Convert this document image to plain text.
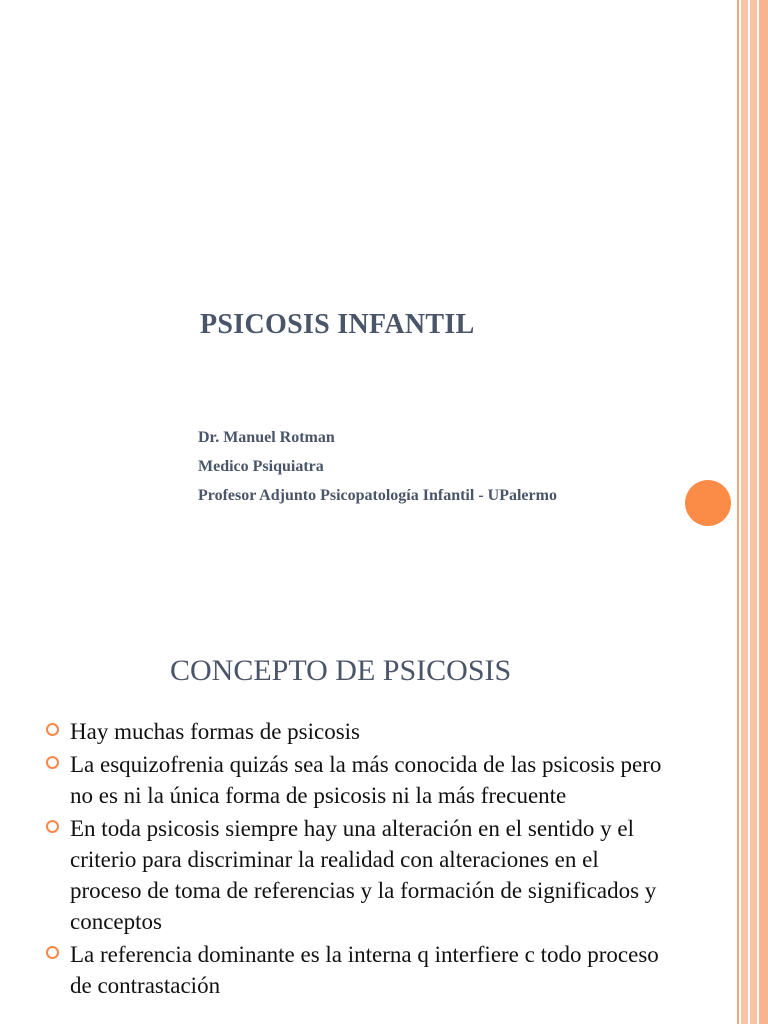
PSICOSIS INFANTIL
Dr. Manuel Rotman
Medico Psiquiatra
Profesor Adjunto Psicopatología Infantil - UPalermo
CONCEPTO DE PSICOSIS
Hay muchas formas de psicosis
La esquizofrenia quizás sea la más conocida de las psicosis pero no es ni la única forma de psicosis ni la más frecuente
En toda psicosis siempre hay una alteración en el sentido y el criterio para discriminar la realidad con alteraciones en el proceso de toma de referencias y la formación de significados y conceptos
La referencia dominante es la interna q interfiere c todo proceso de contrastación
